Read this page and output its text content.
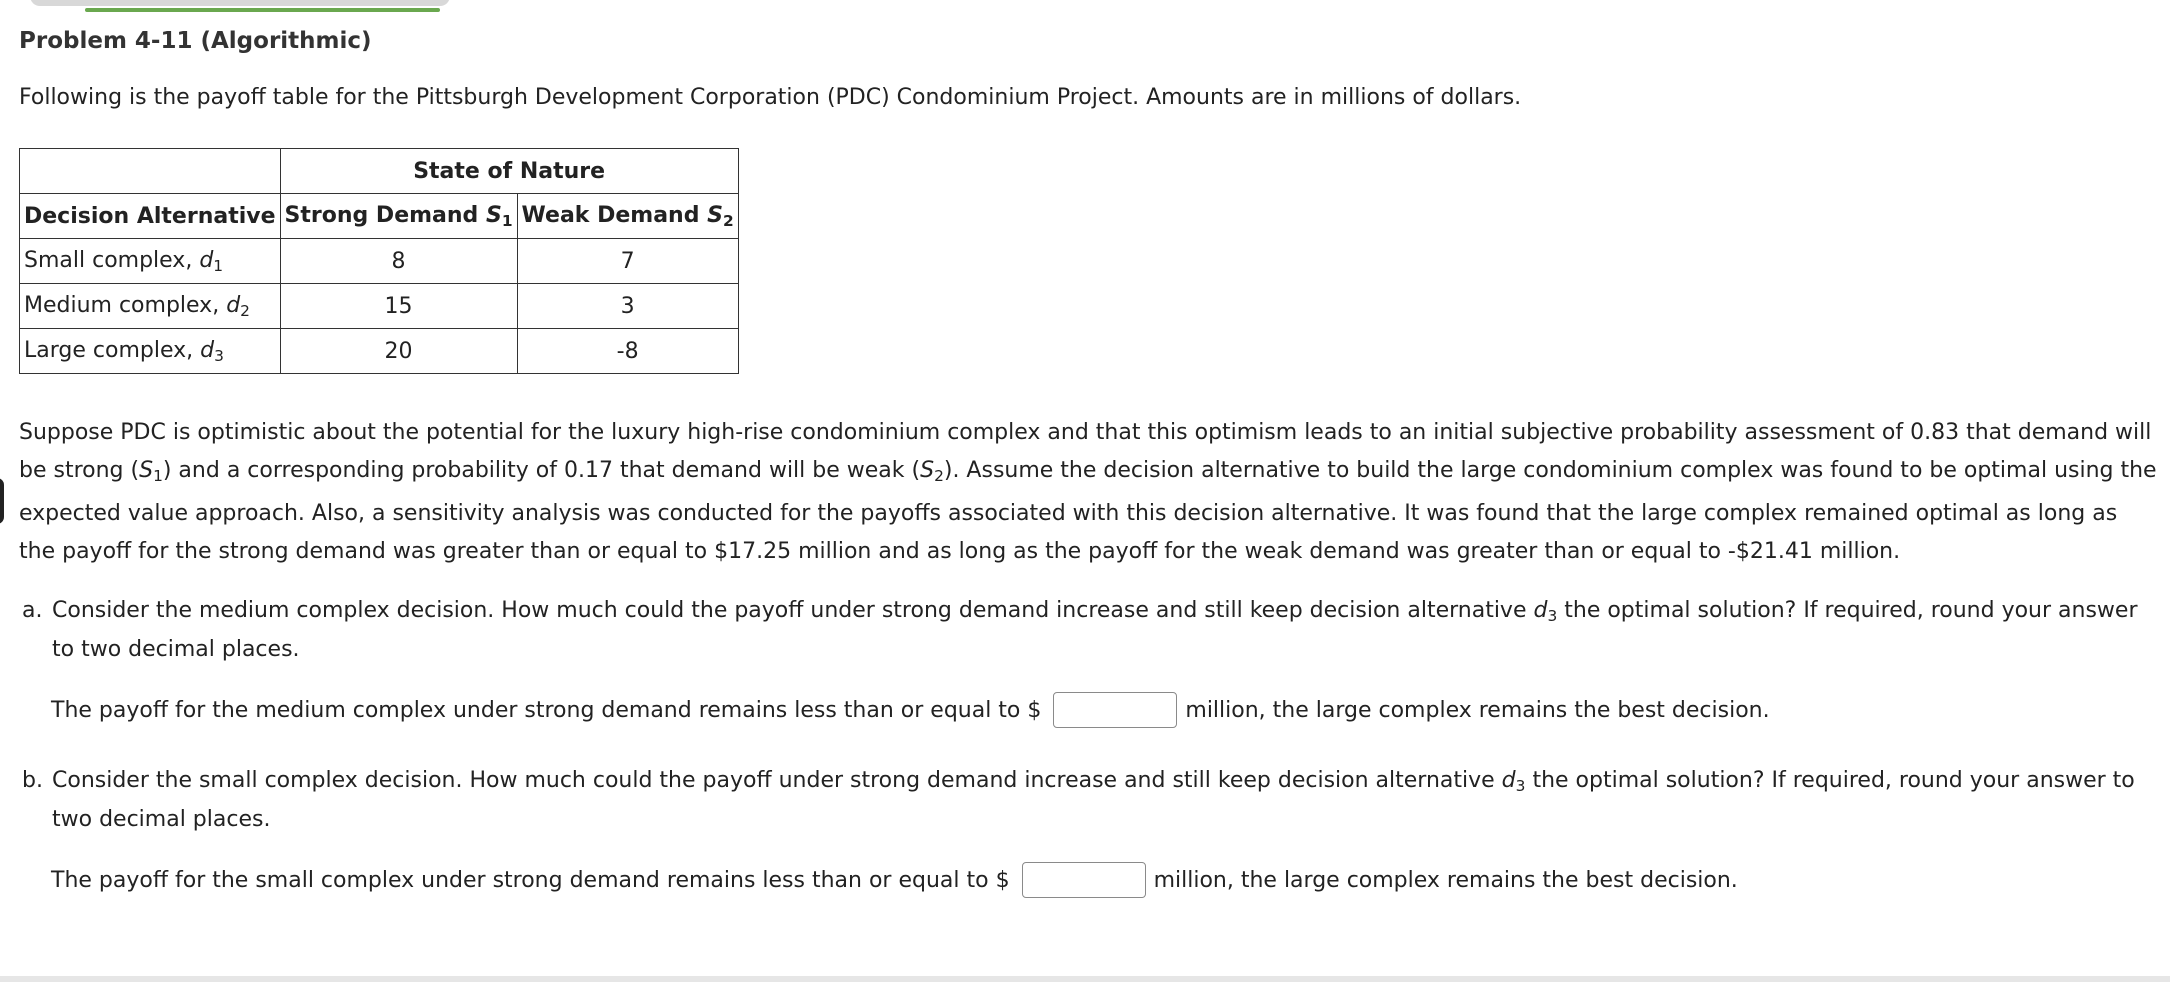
Problem 4-11 (Algorithmic)
Following is the payoff table for the Pittsburgh Development Corporation (PDC) Condominium Project. Amounts are in millions of dollars.
	State of Nature	
Decision Alternative	Strong Demand $S_1$	Weak Demand $S_2$
Small complex, $d_1$	8	7
Medium complex, $d_2$	15	3
Large complex, $d_3$	20	-8
Suppose PDC is optimistic about the potential for the luxury high-rise condominium complex and that this optimism leads to an initial subjective probability assessment of 0.83 that demand will be strong $(S_1)$ and a corresponding probability of 0.17 that demand will be weak $(S_2)$. Assume the decision alternative to build the large condominium complex was found to be optimal using the expected value approach. Also, a sensitivity analysis was conducted for the payoffs associated with this decision alternative. It was found that the large complex remained optimal as long as the payoff for the strong demand was greater than or equal to $17.25 million and as long as the payoff for the weak demand was greater than or equal to -$21.41 million.
a. Consider the medium complex decision. How much could the payoff under strong demand increase and still keep decision alternative $d_3$ the optimal solution? If required, round your answer to two decimal places.
The payoff for the medium complex under strong demand remains less than or equal to $	million, the large complex remains the best decision.
b. Consider the small complex decision. How much could the payoff under strong demand increase and still keep decision alternative $d_3$ the optimal solution? If required, round your answer to two decimal places.
The payoff for the small complex under strong demand remains less than or equal to $	million, the large complex remains the best decision.
